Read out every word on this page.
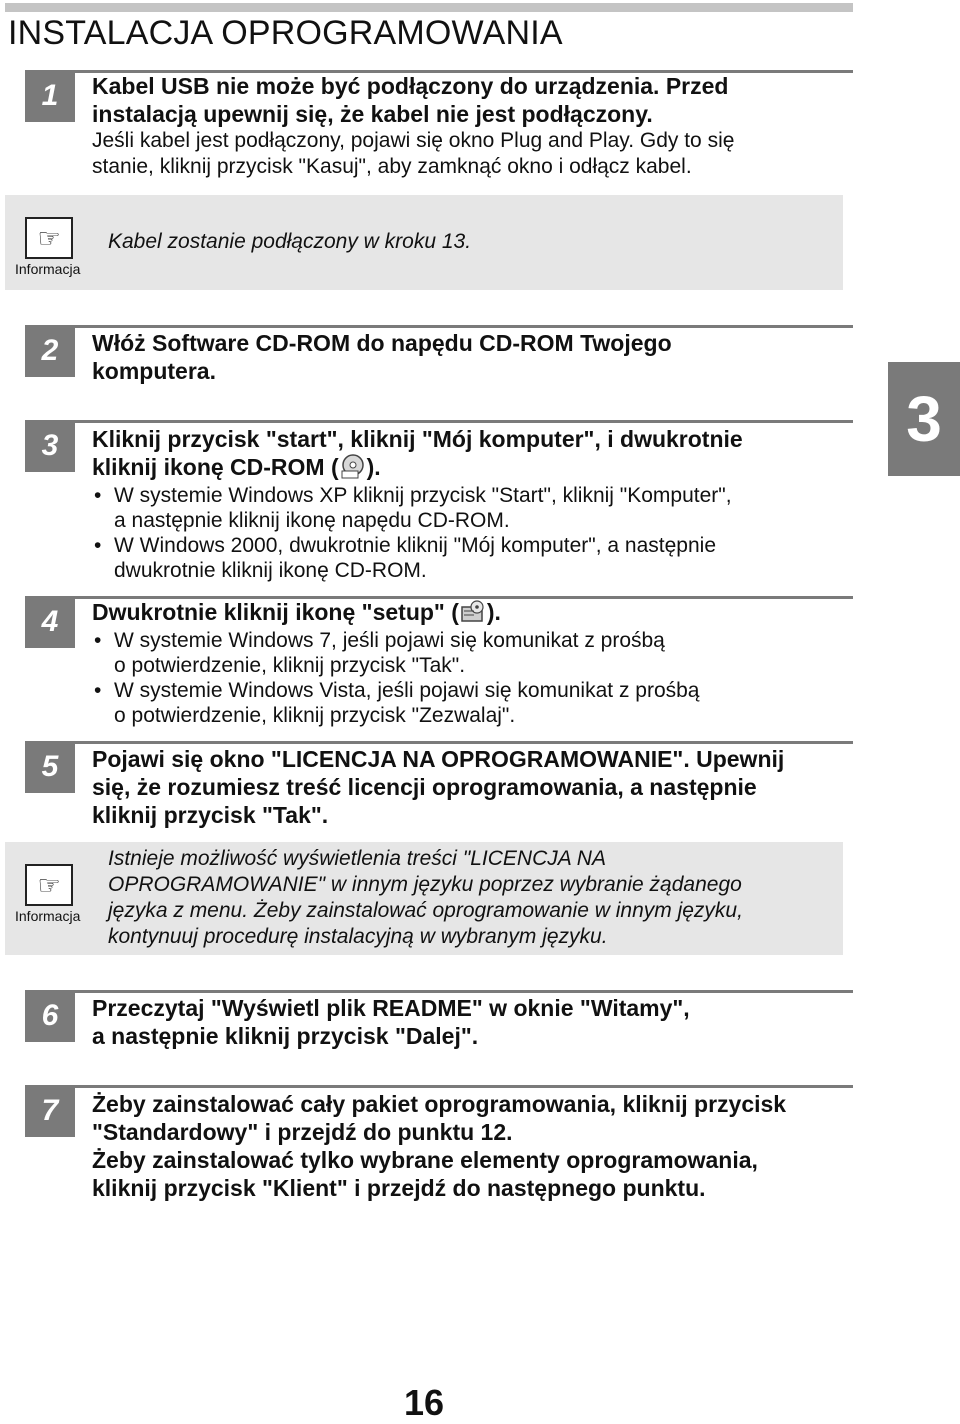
INSTALACJA OPROGRAMOWANIA
1	Kabel USB nie może być podłączony do urządzenia. Przed
instalacją upewnij się, że kabel nie jest podłączony.

Jeśli kabel jest podłączony, pojawi się okno Plug and Play. Gdy to się
stanie, kliknij przycisk "Kasuj", aby zamknąć okno i odłącz kabel.

☞
Informacja

Kabel zostanie podłączony w kroku 13.

2	Włóż Software CD-ROM do napędu CD-ROM Twojego
komputera.

3	Kliknij przycisk "start", kliknij "Mój komputer", i dwukrotnie
kliknij ikonę CD-ROM ( ).

• W systemie Windows XP kliknij przycisk "Start", kliknij "Komputer",
a następnie kliknij ikonę napędu CD-ROM.
• W Windows 2000, dwukrotnie kliknij "Mój komputer", a następnie
dwukrotnie kliknij ikonę CD-ROM.
4	Dwukrotnie kliknij ikonę "setup" ( ).

• W systemie Windows 7, jeśli pojawi się komunikat z prośbą
o potwierdzenie, kliknij przycisk "Tak".
• W systemie Windows Vista, jeśli pojawi się komunikat z prośbą
o potwierdzenie, kliknij przycisk "Zezwalaj".
5	Pojawi się okno "LICENCJA NA OPROGRAMOWANIE". Upewnij
się, że rozumiesz treść licencji oprogramowania, a następnie
kliknij przycisk "Tak".

☞
Informacja

Istnieje możliwość wyświetlenia treści "LICENCJA NA
OPROGRAMOWANIE" w innym języku poprzez wybranie żądanego
języka z menu. Żeby zainstalować oprogramowanie w innym języku,
kontynuuj procedurę instalacyjną w wybranym języku.

6	Przeczytaj "Wyświetl plik README" w oknie "Witamy",
a następnie kliknij przycisk "Dalej".

7	Żeby zainstalować cały pakiet oprogramowania, kliknij przycisk
"Standardowy" i przejdź do punktu 12.
Żeby zainstalować tylko wybrane elementy oprogramowania,
kliknij przycisk "Klient" i przejdź do następnego punktu.

3
16
